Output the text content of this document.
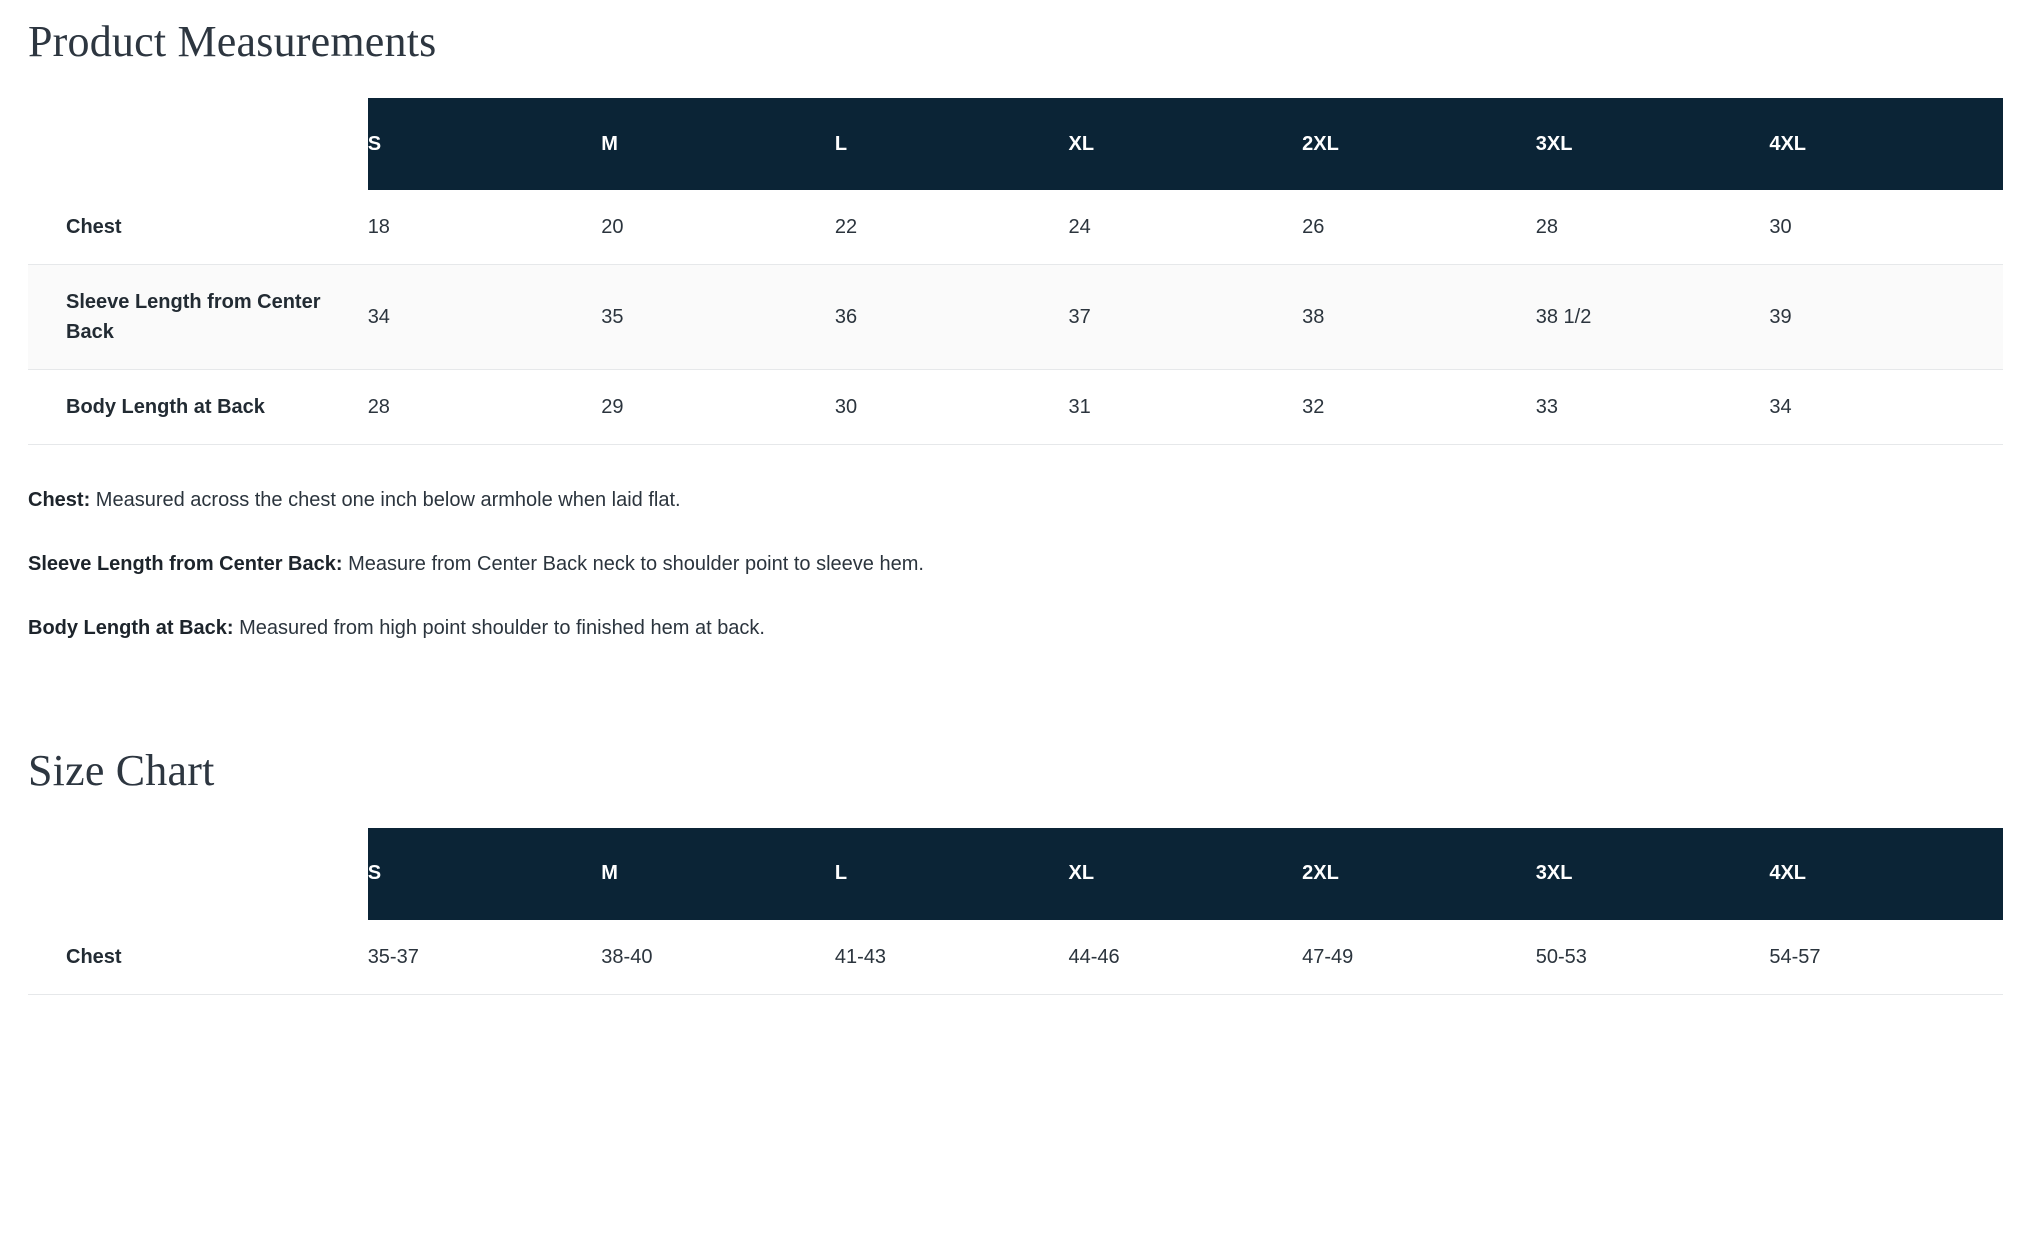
Product Measurements
	S	M	L	XL	2XL	3XL	4XL
Chest	18	20	22	24	26	28	30
Sleeve Length from Center Back	34	35	36	37	38	38 1/2	39
Body Length at Back	28	29	30	31	32	33	34

Chest: Measured across the chest one inch below armhole when laid flat.

Sleeve Length from Center Back: Measure from Center Back neck to shoulder point to sleeve hem.

Body Length at Back: Measured from high point shoulder to finished hem at back.

Size Chart
	S	M	L	XL	2XL	3XL	4XL
Chest	35-37	38-40	41-43	44-46	47-49	50-53	54-57
